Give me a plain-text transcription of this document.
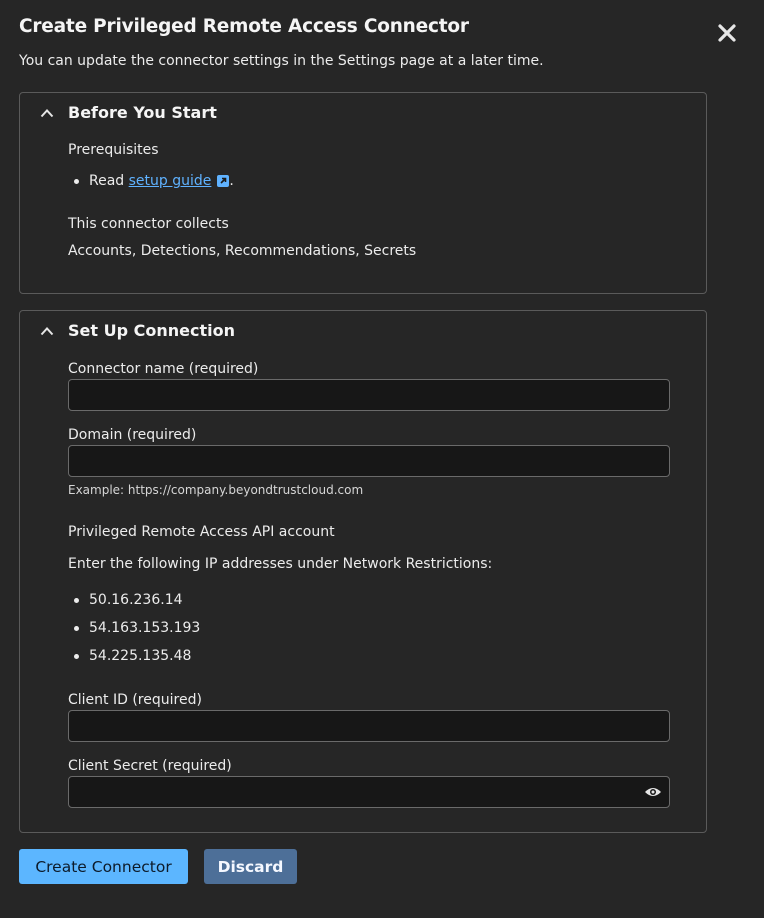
Create Privileged Remote Access Connector
You can update the connector settings in the Settings page at a later time.
Before You Start
Prerequisites
Read
setup guide .
This connector collects
Accounts, Detections, Recommendations, Secrets
Set Up Connection
Connector name (required)
Domain (required)
Example: https://company.beyondtrustcloud.com
Privileged Remote Access API account
Enter the following IP addresses under Network Restrictions:
50.16.236.14
54.163.153.193
54.225.135.48
Client ID (required)
Client Secret (required)
Create Connector	Discard
